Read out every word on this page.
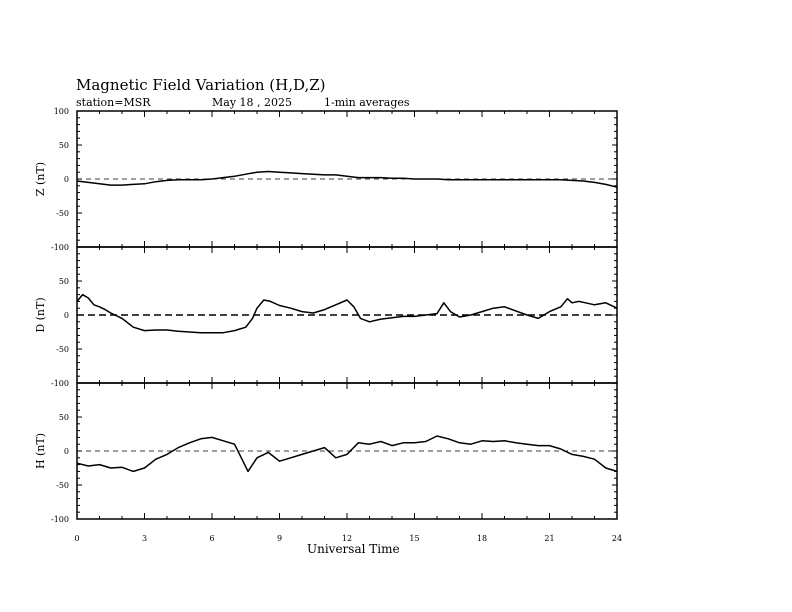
Magnetic Field Variation (H,D,Z)
station=MSR	May 18 , 2025	1-min averages
-100
-50
0
50
100
Z (nT)
-100
-50
0
50
D (nT)
-100
-50
0
50
H (nT)
0	3	6	9	12	15	18	21	24
Universal Time
